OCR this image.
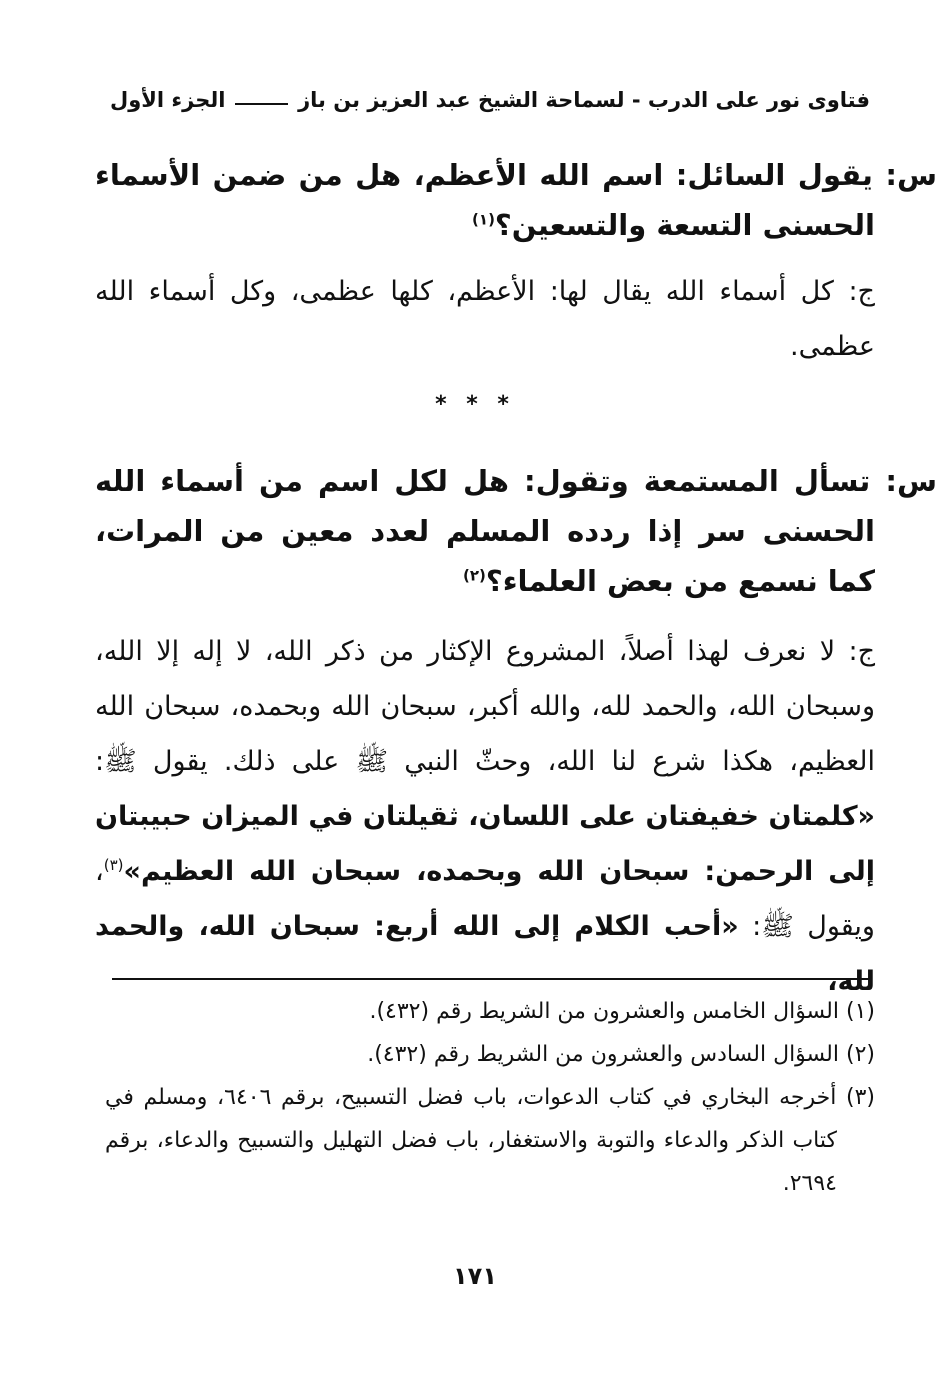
فتاوى نور على الدرب - لسماحة الشيخ عبد العزيز بن باز
الجزء الأول
س: يقول السائل: اسم الله الأعظم، هل من ضمن الأسماء الحسنى التسعة والتسعين؟$^{(١)}$
ج: كل أسماء الله يقال لها: الأعظم، كلها عظمى، وكل أسماء الله عظمى.
* * *
س: تسأل المستمعة وتقول: هل لكل اسم من أسماء الله الحسنى سر إذا ردده المسلم لعدد معين من المرات، كما نسمع من بعض العلماء؟$^{(٢)}$
ج: لا نعرف لهذا أصلاً، المشروع الإكثار من ذكر الله، لا إله إلا الله، وسبحان الله، والحمد لله، والله أكبر، سبحان الله وبحمده، سبحان الله العظيم، هكذا شرع لنا الله، وحثّ النبي ﷺ على ذلك. يقول ﷺ: «كلمتان خفيفتان على اللسان، ثقيلتان في الميزان حبيبتان إلى الرحمن: سبحان الله وبحمده، سبحان الله العظيم»$^{(٣)}$، ويقول ﷺ: «أحب الكلام إلى الله أربع: سبحان الله، والحمد لله،

(١) السؤال الخامس والعشرون من الشريط رقم (٤٣٢).

(٢) السؤال السادس والعشرون من الشريط رقم (٤٣٢).

(٣) أخرجه البخاري في كتاب الدعوات، باب فضل التسبيح، برقم ٦٤٠٦، ومسلم في كتاب الذكر والدعاء والتوبة والاستغفار، باب فضل التهليل والتسبيح والدعاء، برقم ٢٦٩٤.

١٧١
